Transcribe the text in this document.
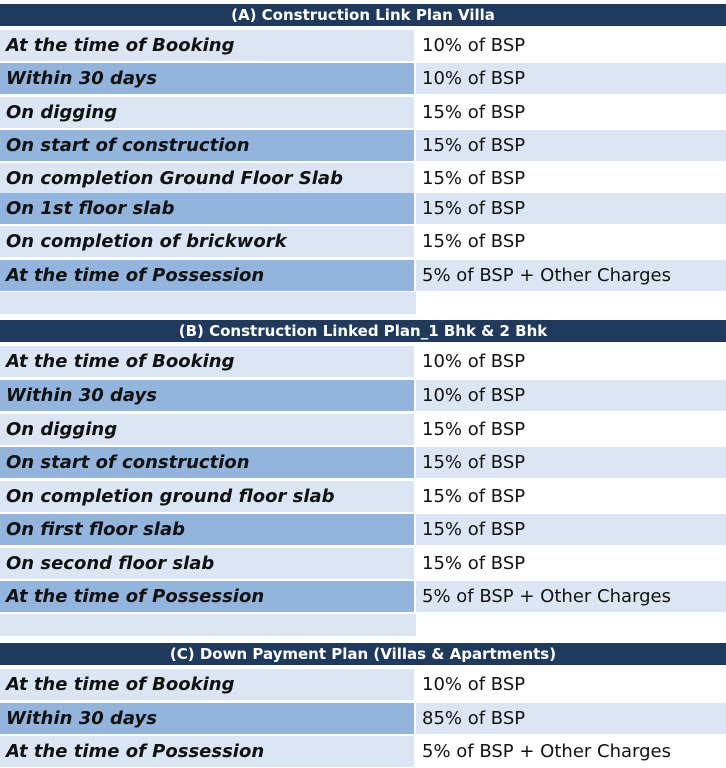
(A) Construction Link Plan Villa
At the time of Booking	10% of BSP
Within 30 days	10% of BSP
On digging	15% of BSP
On start of construction	15% of BSP
On completion Ground Floor Slab	15% of BSP
On 1st floor slab	15% of BSP
On completion of brickwork	15% of BSP
At the time of Possession	5% of BSP + Other Charges
(B) Construction Linked Plan_1 Bhk & 2 Bhk
At the time of Booking	10% of BSP
Within 30 days	10% of BSP
On digging	15% of BSP
On start of construction	15% of BSP
On completion ground floor slab	15% of BSP
On first floor slab	15% of BSP
On second floor slab	15% of BSP
At the time of Possession	5% of BSP + Other Charges
(C) Down Payment Plan (Villas & Apartments)
At the time of Booking	10% of BSP
Within 30 days	85% of BSP
At the time of Possession	5% of BSP + Other Charges
